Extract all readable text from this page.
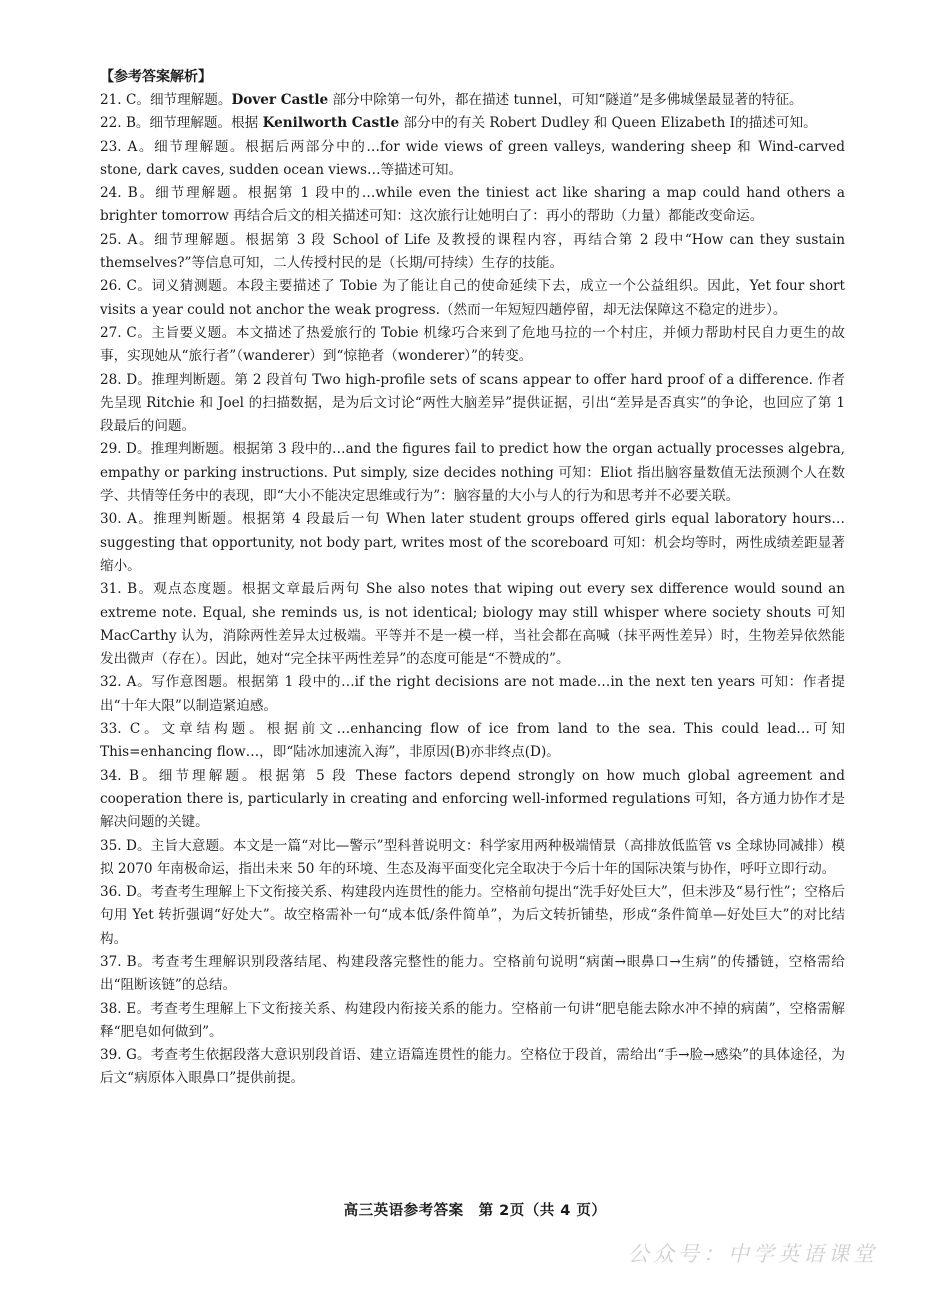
【参考答案解析】

21. C。细节理解题。Dover Castle 部分中除第一句外，都在描述 tunnel，可知“隧道”是多佛城堡最显著的特征。

22. B。细节理解题。根据 Kenilworth Castle 部分中的有关 Robert Dudley 和 Queen Elizabeth Ⅰ的描述可知。

23. A。细节理解题。根据后两部分中的…for wide views of green valleys, wandering sheep 和 Wind-carved stone, dark caves, sudden ocean views…等描述可知。

24. B。细节理解题。根据第 1 段中的…while even the tiniest act like sharing a map could hand others a brighter tomorrow 再结合后文的相关描述可知：这次旅行让她明白了：再小的帮助（力量）都能改变命运。

25. A。细节理解题。根据第 3 段 School of Life 及教授的课程内容，再结合第 2 段中“How can they sustain themselves?”等信息可知，二人传授村民的是（长期/可持续）生存的技能。

26. C。词义猜测题。本段主要描述了 Tobie 为了能让自己的使命延续下去，成立一个公益组织。因此，Yet four short visits a year could not anchor the weak progress.（然而一年短短四趟停留，却无法保障这不稳定的进步）。

27. C。主旨要义题。本文描述了热爱旅行的 Tobie 机缘巧合来到了危地马拉的一个村庄，并倾力帮助村民自力更生的故事，实现她从“旅行者”（wanderer）到“惊艳者（wonderer）”的转变。

28. D。推理判断题。第 2 段首句 Two high-profile sets of scans appear to offer hard proof of a difference. 作者先呈现 Ritchie 和 Joel 的扫描数据，是为后文讨论“两性大脑差异”提供证据，引出“差异是否真实”的争论，也回应了第 1 段最后的问题。

29. D。推理判断题。根据第 3 段中的…and the figures fail to predict how the organ actually processes algebra, empathy or parking instructions. Put simply, size decides nothing 可知：Eliot 指出脑容量数值无法预测个人在数学、共情等任务中的表现，即“大小不能决定思维或行为”：脑容量的大小与人的行为和思考并不必要关联。

30. A。推理判断题。根据第 4 段最后一句 When later student groups offered girls equal laboratory hours…suggesting that opportunity, not body part, writes most of the scoreboard 可知：机会均等时，两性成绩差距显著缩小。

31. B。观点态度题。根据文章最后两句 She also notes that wiping out every sex difference would sound an extreme note. Equal, she reminds us, is not identical; biology may still whisper where society shouts 可知 MacCarthy 认为，消除两性差异太过极端。平等并不是一模一样，当社会都在高喊（抹平两性差异）时，生物差异依然能发出微声（存在）。因此，她对“完全抹平两性差异”的态度可能是“不赞成的”。

32. A。写作意图题。根据第 1 段中的…if the right decisions are not made…in the next ten years 可知：作者提出“十年大限”以制造紧迫感。

33. C。文章结构题。根据前文…enhancing flow of ice from land to the sea. This could lead…可知 This=enhancing flow…，即“陆冰加速流入海”，非原因(B)亦非终点(D)。

34. B。细节理解题。根据第 5 段 These factors depend strongly on how much global agreement and cooperation there is, particularly in creating and enforcing well-informed regulations 可知，各方通力协作才是解决问题的关键。

35. D。主旨大意题。本文是一篇“对比—警示”型科普说明文：科学家用两种极端情景（高排放低监管 vs 全球协同减排）模拟 2070 年南极命运，指出未来 50 年的环境、生态及海平面变化完全取决于今后十年的国际决策与协作，呼吁立即行动。

36. D。考查考生理解上下文衔接关系、构建段内连贯性的能力。空格前句提出“洗手好处巨大”，但未涉及“易行性”；空格后句用 Yet 转折强调“好处大”。故空格需补一句“成本低/条件简单”，为后文转折铺垫，形成“条件简单—好处巨大”的对比结构。

37. B。考查考生理解识别段落结尾、构建段落完整性的能力。空格前句说明“病菌→眼鼻口→生病”的传播链，空格需给出“阻断该链”的总结。

38. E。考查考生理解上下文衔接关系、构建段内衔接关系的能力。空格前一句讲“肥皂能去除水冲不掉的病菌”，空格需解释“肥皂如何做到”。

39. G。考查考生依据段落大意识别段首语、建立语篇连贯性的能力。空格位于段首，需给出“手→脸→感染”的具体途径，为后文“病原体入眼鼻口”提供前提。

高三英语参考答案　第 2页（共 4 页）
公众号：中学英语课堂
